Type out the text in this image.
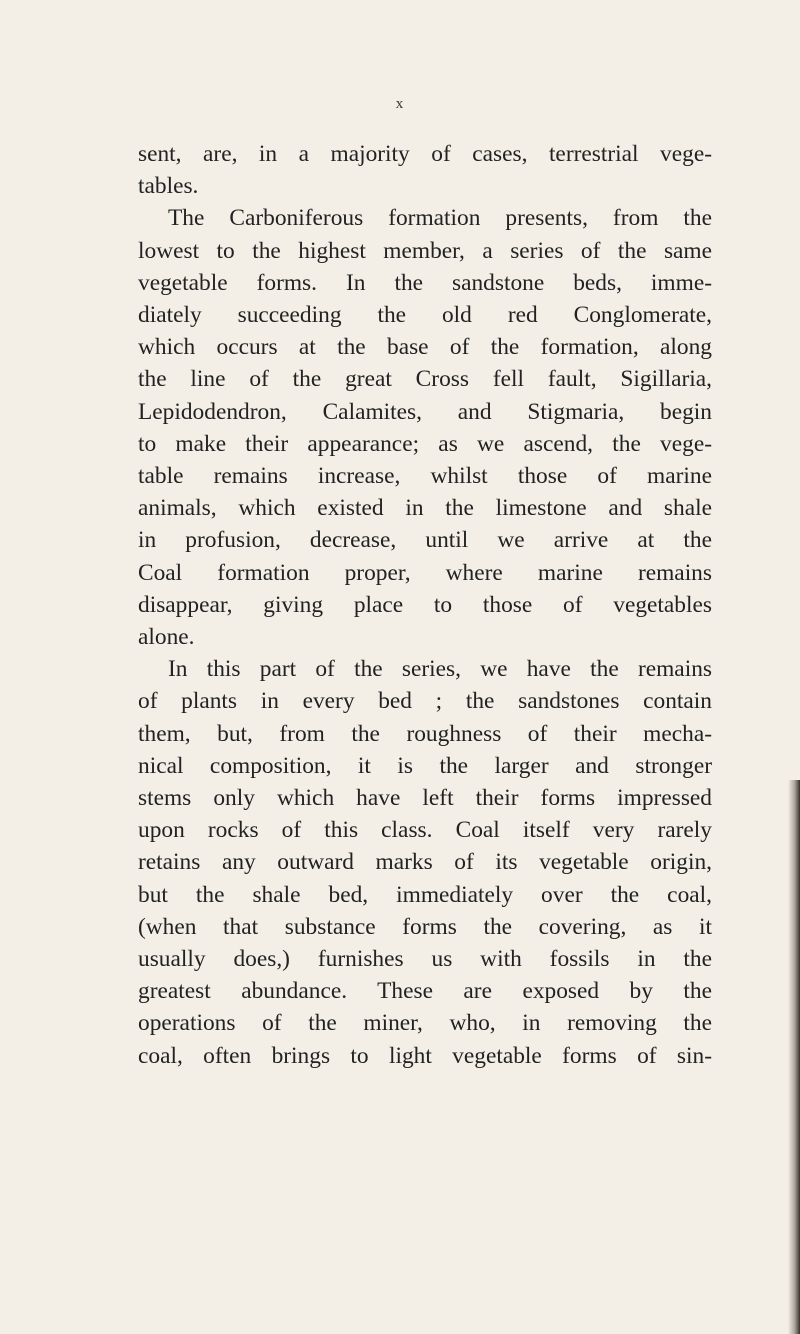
x
sent, are, in a majority of cases, terrestrial vege-
tables.
The Carboniferous formation presents, from the
lowest to the highest member, a series of the same
vegetable forms. In the sandstone beds, imme-
diately succeeding the old red Conglomerate,
which occurs at the base of the formation, along
the line of the great Cross fell fault, Sigillaria,
Lepidodendron, Calamites, and Stigmaria, begin
to make their appearance; as we ascend, the vege-
table remains increase, whilst those of marine
animals, which existed in the limestone and shale
in profusion, decrease, until we arrive at the
Coal formation proper, where marine remains
disappear, giving place to those of vegetables
alone.
In this part of the series, we have the remains
of plants in every bed ; the sandstones contain
them, but, from the roughness of their mecha-
nical composition, it is the larger and stronger
stems only which have left their forms impressed
upon rocks of this class. Coal itself very rarely
retains any outward marks of its vegetable origin,
but the shale bed, immediately over the coal,
(when that substance forms the covering, as it
usually does,) furnishes us with fossils in the
greatest abundance. These are exposed by the
operations of the miner, who, in removing the
coal, often brings to light vegetable forms of sin-
